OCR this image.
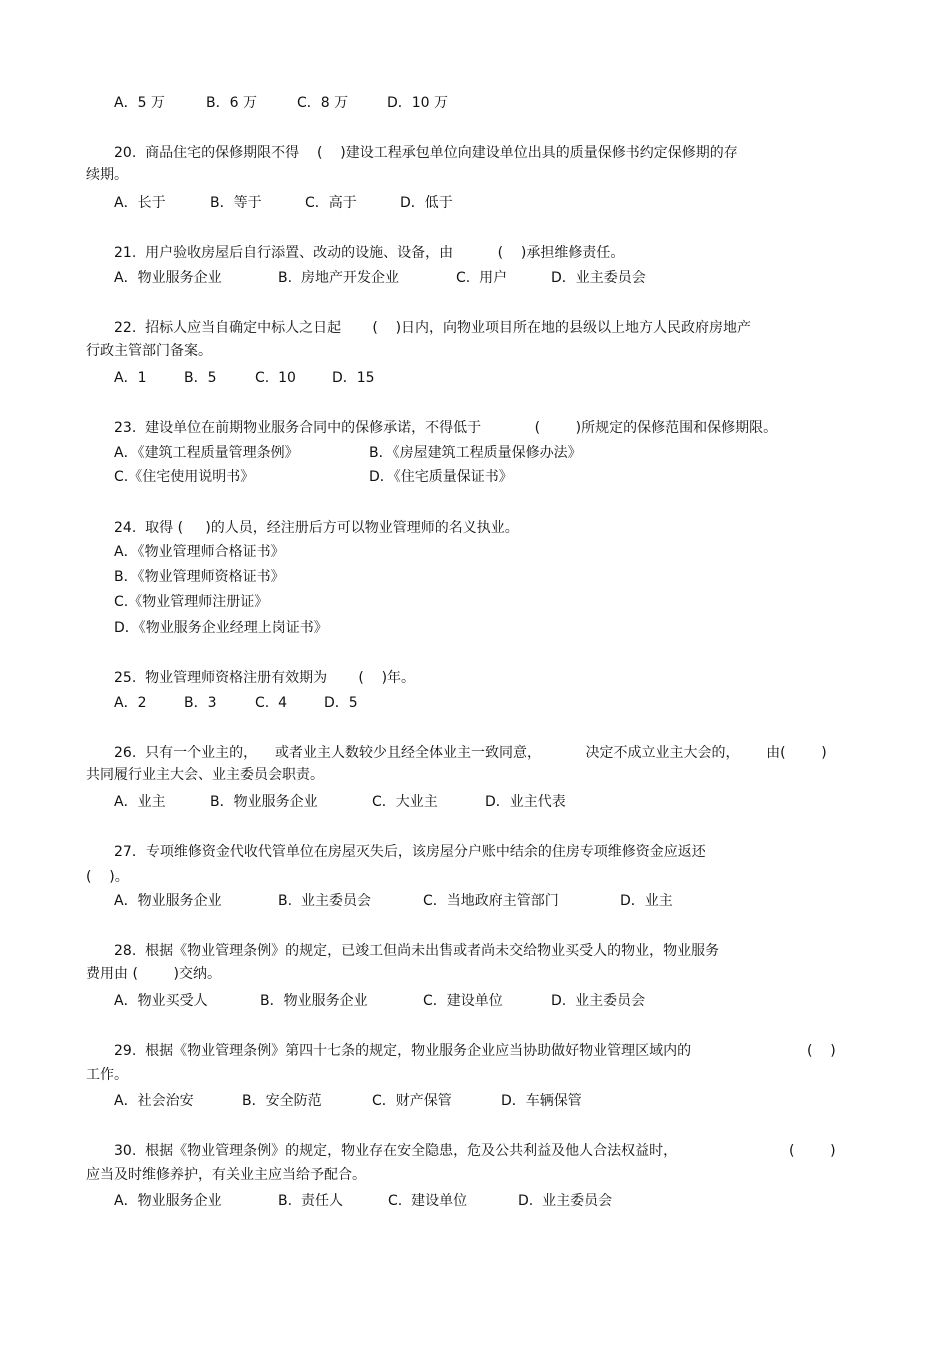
A．5 万	B．6 万	C．8 万	D．10 万
20.  商品住宅的保修期限不得    (    )建设工程承包单位向建设单位出具的质量保修书约定保修期的存
续期。
A．长于	B．等于	C．高于	D．低于
21.  用户验收房屋后自行添置、改动的设施、设备，由          (    )承担维修责任。
A．物业服务企业	B.  房地产开发企业	C.  用户	D．业主委员会
22.  招标人应当自确定中标人之日起       (    )日内，向物业项目所在地的县级以上地方人民政府房地产
行政主管部门备案。
A．1	B．5	C.  10	D．15
23.  建设单位在前期物业服务合同中的保修承诺，不得低于            (        )所规定的保修范围和保修期限。
A．《建筑工程质量管理条例》	B．《房屋建筑工程质量保修办法》
C.《住宅使用说明书》	D．《住宅质量保证书》
24.  取得 (     )的人员，经注册后方可以物业管理师的名义执业。
A．《物业管理师合格证书》
B．《物业管理师资格证书》
C.《物业管理师注册证》
D．《物业服务企业经理上岗证书》
25.  物业管理师资格注册有效期为       (    )年。
A．2	B．3	C.  4	D．5
26.  只有一个业主的，    或者业主人数较少且经全体业主一致同意，          决定不成立业主大会的，      由(        )
共同履行业主大会、业主委员会职责。
A．业主	B．物业服务企业	C．大业主	D．业主代表
27．专项维修资金代收代管单位在房屋灭失后，该房屋分户账中结余的住房专项维修资金应返还
(    )。
A．物业服务企业	B.  业主委员会	C．当地政府主管部门	D．业主
28.  根据《物业管理条例》的规定，已竣工但尚未出售或者尚未交给物业买受人的物业，物业服务
费用由 (        )交纳。
A．物业买受人	B．物业服务企业	C．建设单位	D.  业主委员会
29.  根据《物业管理条例》第四十七条的规定，物业服务企业应当协助做好物业管理区域内的	(    )
工作。
A．社会治安	B．安全防范	C．财产保管	D．车辆保管
30.  根据《物业管理条例》的规定，物业存在安全隐患，危及公共利益及他人合法权益时，	(        )
应当及时维修养护，有关业主应当给予配合。
A．物业服务企业	B.  责任人	C.  建设单位	D.  业主委员会
